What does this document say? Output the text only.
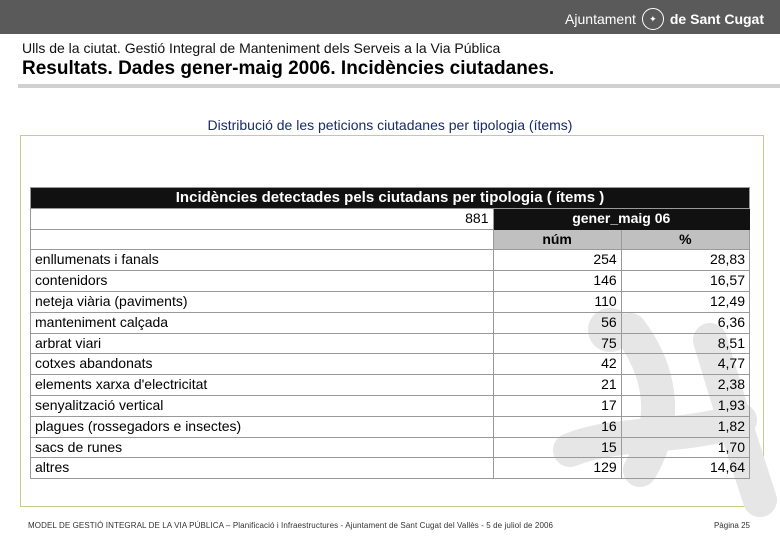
Ajuntament	✦ de Sant Cugat
Ulls de la ciutat. Gestió Integral de Manteniment dels Serveis a la Via Pública
Resultats. Dades gener-maig 2006. Incidències ciutadanes.
Distribució de les peticions ciutadanes per tipologia (ítems)
Incidències detectades pels ciutadans per tipologia ( ítems )		
881	gener_maig 06	
	núm	%
enllumenats i fanals	254	28,83
contenidors	146	16,57
neteja viària (paviments)	110	12,49
manteniment calçada	56	6,36
arbrat viari	75	8,51
cotxes abandonats	42	4,77
elements xarxa d'electricitat	21	2,38
senyalització vertical	17	1,93
plagues (rossegadors e insectes)	16	1,82
sacs de runes	15	1,70
altres	129	14,64
MODEL DE GESTIÓ INTEGRAL DE LA VIA PÚBLICA – Planificació i Infraestructures - Ajuntament de Sant Cugat del Vallès - 5 de juliol de 2006	Pàgina 25
